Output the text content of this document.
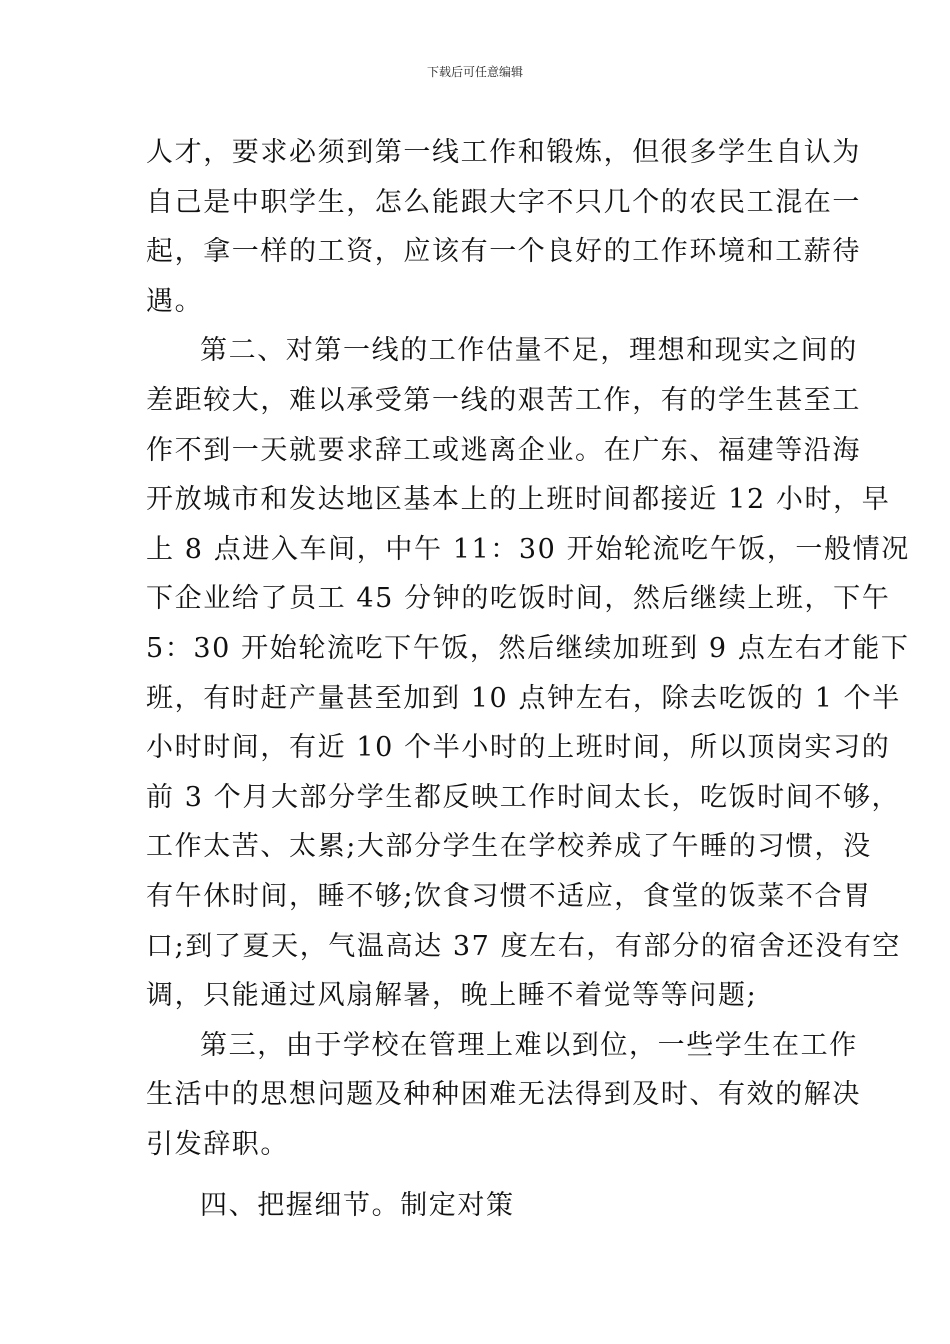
下载后可任意编辑

人才，要求必须到第一线工作和锻炼，但很多学生自认为
自己是中职学生，怎么能跟大字不只几个的农民工混在一
起，拿一样的工资，应该有一个良好的工作环境和工薪待
遇。

第二、对第一线的工作估量不足，理想和现实之间的
差距较大，难以承受第一线的艰苦工作，有的学生甚至工
作不到一天就要求辞工或逃离企业。在广东、福建等沿海
开放城市和发达地区基本上的上班时间都接近 12 小时，早
上 8 点进入车间，中午 11：30 开始轮流吃午饭，一般情况
下企业给了员工 45 分钟的吃饭时间，然后继续上班，下午
5：30 开始轮流吃下午饭，然后继续加班到 9 点左右才能下
班，有时赶产量甚至加到 10 点钟左右，除去吃饭的 1 个半
小时时间，有近 10 个半小时的上班时间，所以顶岗实习的
前 3 个月大部分学生都反映工作时间太长，吃饭时间不够，
工作太苦、太累;大部分学生在学校养成了午睡的习惯，没
有午休时间，睡不够;饮食习惯不适应，食堂的饭菜不合胃
口;到了夏天，气温高达 37 度左右，有部分的宿舍还没有空
调，只能通过风扇解暑，晚上睡不着觉等等问题;

第三，由于学校在管理上难以到位，一些学生在工作
生活中的思想问题及种种困难无法得到及时、有效的解决
引发辞职。

四、把握细节。制定对策
